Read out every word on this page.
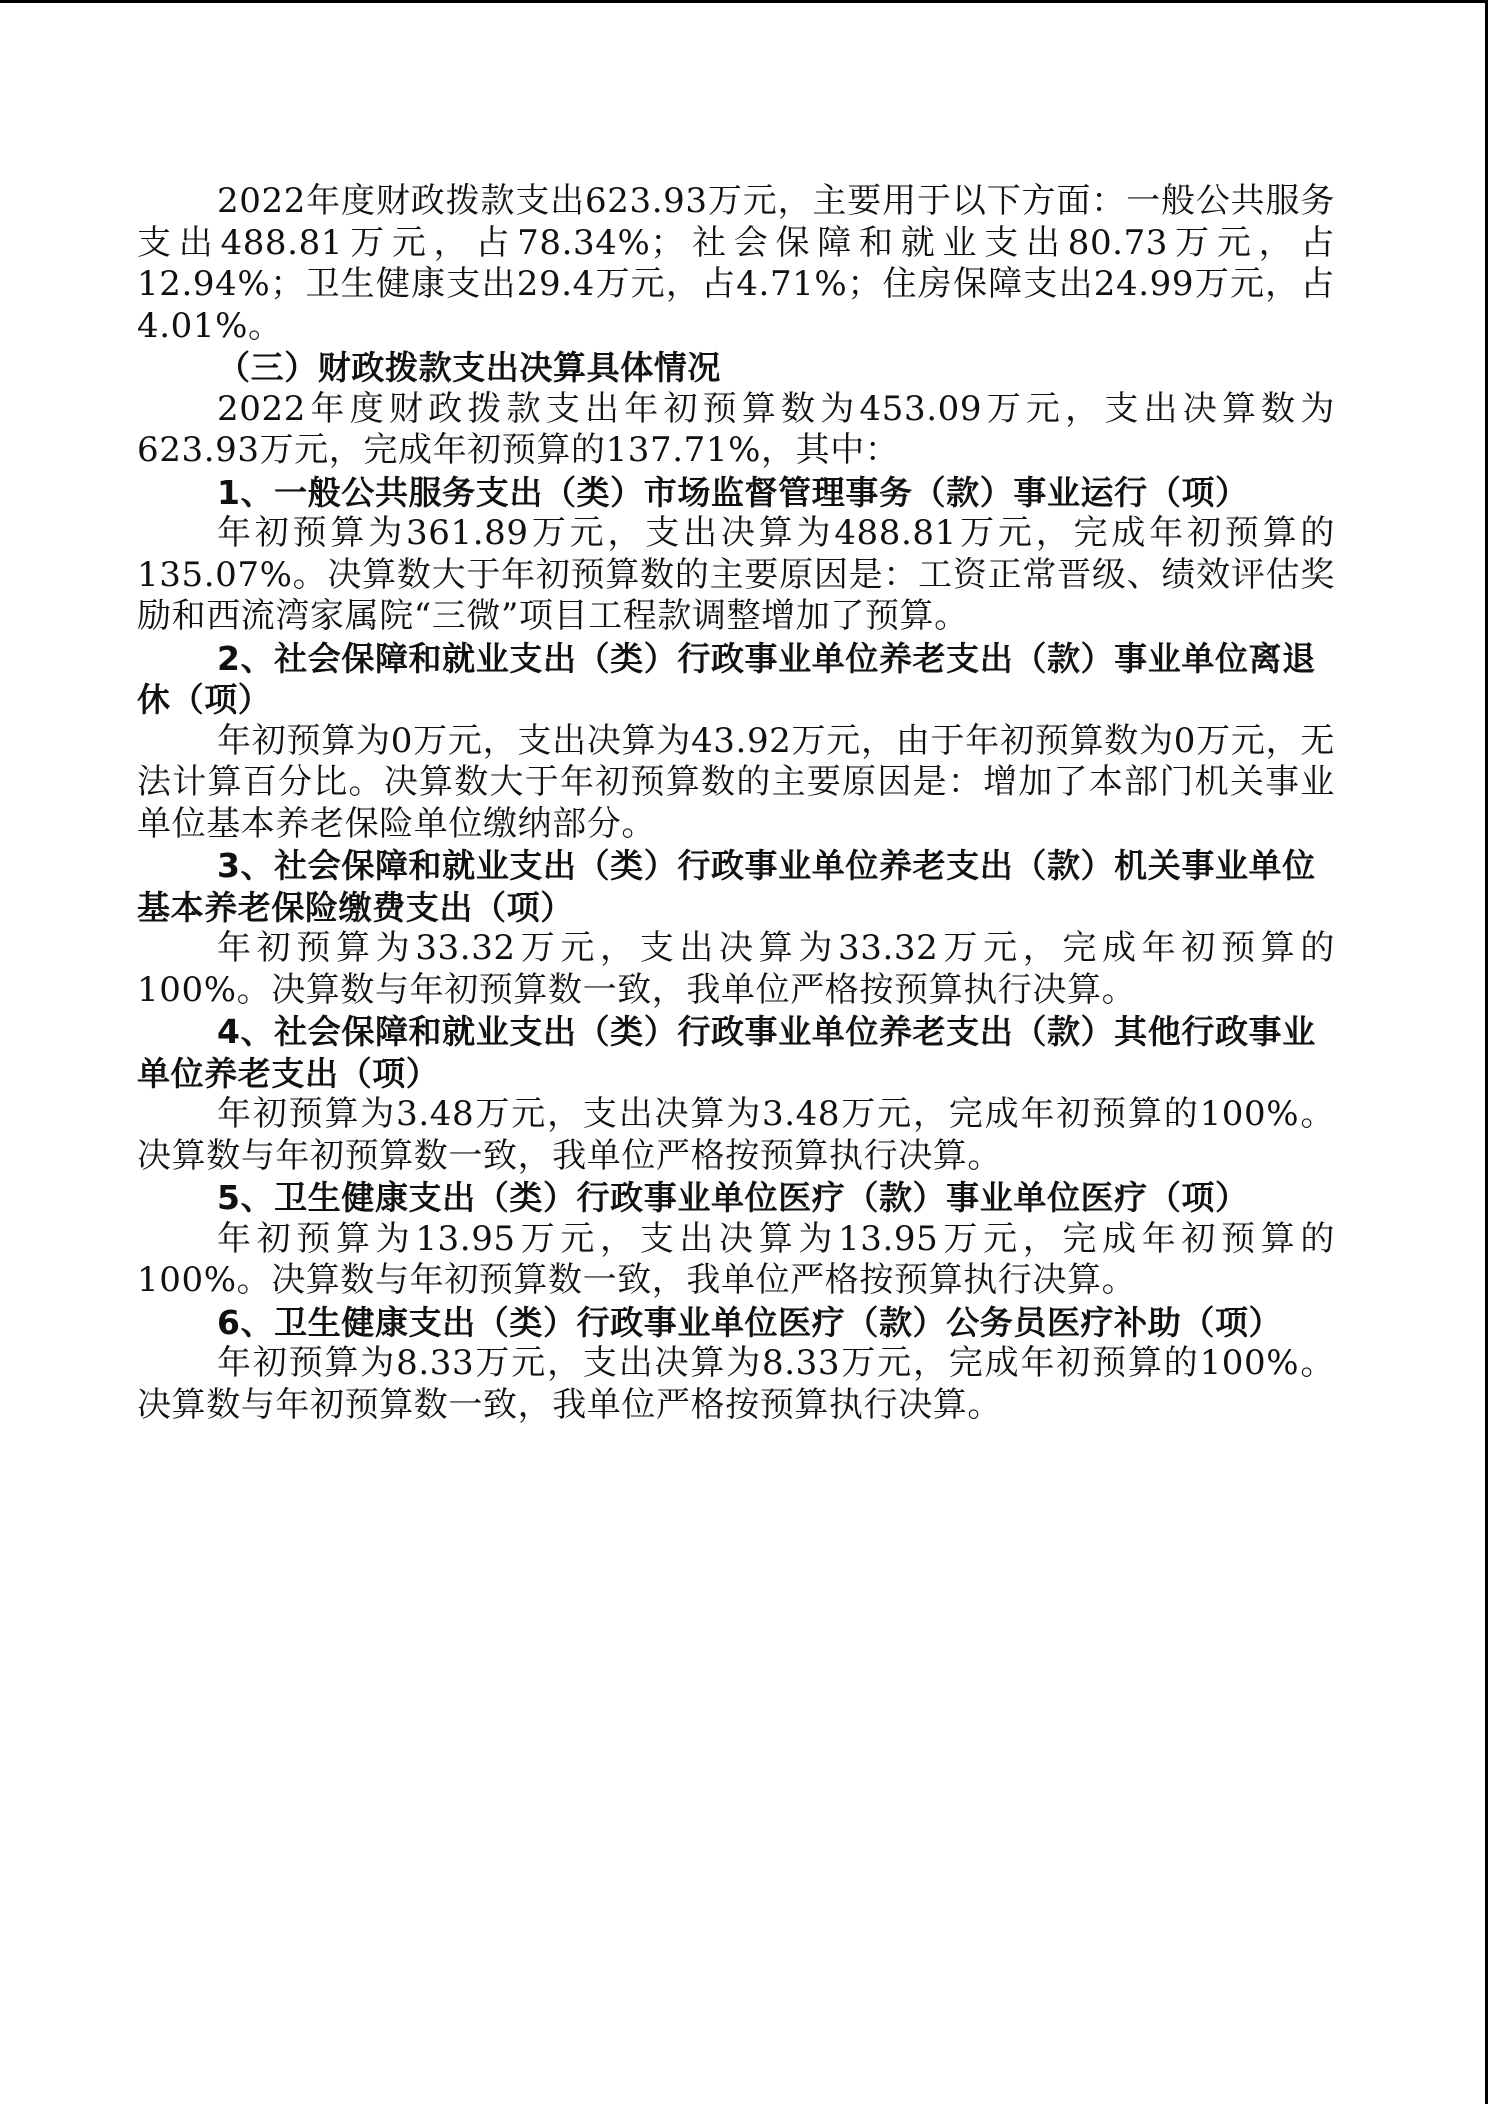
2022年度财政拨款支出623.93万元，主要用于以下方面：一般公共服务支出488.81万元，占78.34%；社会保障和就业支出80.73万元，占12.94%；卫生健康支出29.4万元，占4.71%；住房保障支出24.99万元，占4.01%。

（三）财政拨款支出决算具体情况

2022年度财政拨款支出年初预算数为453.09万元，支出决算数为623.93万元，完成年初预算的137.71%，其中：

1、一般公共服务支出（类）市场监督管理事务（款）事业运行（项）

年初预算为361.89万元，支出决算为488.81万元，完成年初预算的135.07%。决算数大于年初预算数的主要原因是：工资正常晋级、绩效评估奖励和西流湾家属院“三微”项目工程款调整增加了预算。

2、社会保障和就业支出（类）行政事业单位养老支出（款）事业单位离退休（项）

年初预算为0万元，支出决算为43.92万元，由于年初预算数为0万元，无法计算百分比。决算数大于年初预算数的主要原因是：增加了本部门机关事业单位基本养老保险单位缴纳部分。

3、社会保障和就业支出（类）行政事业单位养老支出（款）机关事业单位基本养老保险缴费支出（项）

年初预算为33.32万元，支出决算为33.32万元，完成年初预算的100%。决算数与年初预算数一致，我单位严格按预算执行决算。

4、社会保障和就业支出（类）行政事业单位养老支出（款）其他行政事业单位养老支出（项）

年初预算为3.48万元，支出决算为3.48万元，完成年初预算的100%。决算数与年初预算数一致，我单位严格按预算执行决算。

5、卫生健康支出（类）行政事业单位医疗（款）事业单位医疗（项）

年初预算为13.95万元，支出决算为13.95万元，完成年初预算的100%。决算数与年初预算数一致，我单位严格按预算执行决算。

6、卫生健康支出（类）行政事业单位医疗（款）公务员医疗补助（项）

年初预算为8.33万元，支出决算为8.33万元，完成年初预算的100%。决算数与年初预算数一致，我单位严格按预算执行决算。
